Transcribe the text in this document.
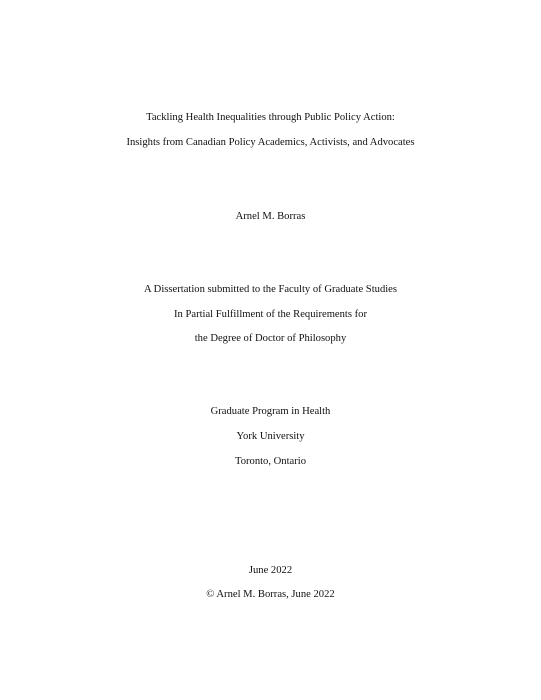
Tackling Health Inequalities through Public Policy Action:
Insights from Canadian Policy Academics, Activists, and Advocates
Arnel M. Borras
A Dissertation submitted to the Faculty of Graduate Studies
In Partial Fulfillment of the Requirements for
the Degree of Doctor of Philosophy
Graduate Program in Health
York University
Toronto, Ontario
June 2022
© Arnel M. Borras, June 2022
